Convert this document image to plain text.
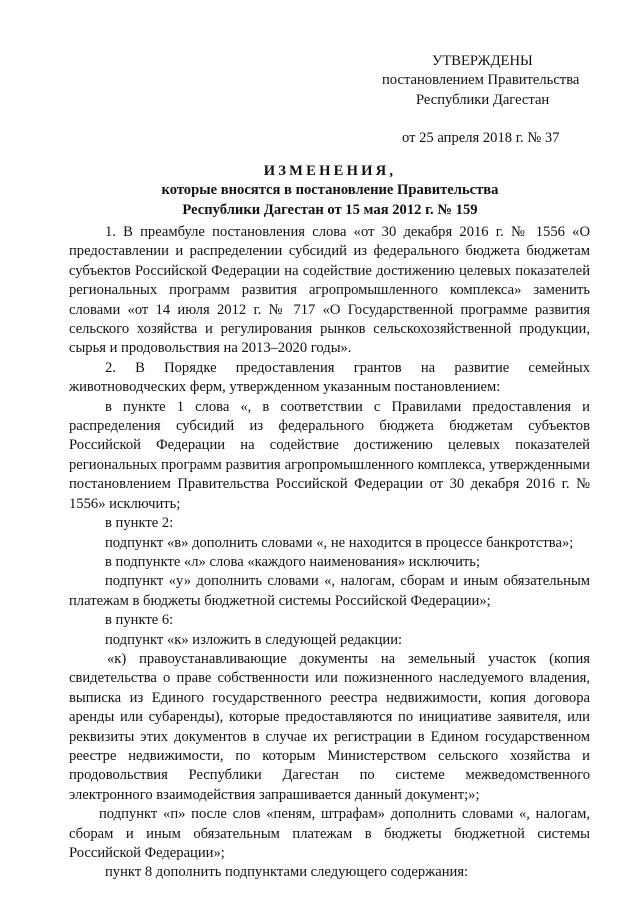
УТВЕРЖДЕНЫ
постановлением Правительства
Республики Дагестан
от 25 апреля 2018 г. № 37
ИЗМЕНЕНИЯ,
которые вносятся в постановление Правительства
Республики Дагестан от 15 мая 2012 г. № 159

1. В преамбуле постановления слова «от 30 декабря 2016 г. № 1556 «О предоставлении и распределении субсидий из федерального бюджета бюджетам субъектов Российской Федерации на содействие достижению целевых показателей региональных программ развития агропромышленного комплекса» заменить словами «от 14 июля 2012 г. № 717 «О Государственной программе развития сельского хозяйства и регулирования рынков сельскохозяйственной продукции, сырья и продовольствия на 2013–2020 годы».

2. В Порядке предоставления грантов на развитие семейных животноводческих ферм, утвержденном указанным постановлением:

в пункте 1 слова «, в соответствии с Правилами предоставления и распределения субсидий из федерального бюджета бюджетам субъектов Российской Федерации на содействие достижению целевых показателей региональных программ развития агропромышленного комплекса, утвержденными постановлением Правительства Российской Федерации от 30 декабря 2016 г. № 1556» исключить;

в пункте 2:

подпункт «в» дополнить словами «, не находится в процессе банкротства»;

в подпункте «л» слова «каждого наименования» исключить;

подпункт «у» дополнить словами «, налогам, сборам и иным обязательным платежам в бюджеты бюджетной системы Российской Федерации»;

в пункте 6:

подпункт «к» изложить в следующей редакции:

«к) правоустанавливающие документы на земельный участок (копия свидетельства о праве собственности или пожизненного наследуемого владения, выписка из Единого государственного реестра недвижимости, копия договора аренды или субаренды), которые предоставляются по инициативе заявителя, или реквизиты этих документов в случае их регистрации в Едином государственном реестре недвижимости, по которым Министерством сельского хозяйства и продовольствия Республики Дагестан по системе межведомственного электронного взаимодействия запрашивается данный документ;»;

подпункт «п» после слов «пеням, штрафам» дополнить словами «, налогам, сборам и иным обязательным платежам в бюджеты бюджетной системы Российской Федерации»;

пункт 8 дополнить подпунктами следующего содержания:
